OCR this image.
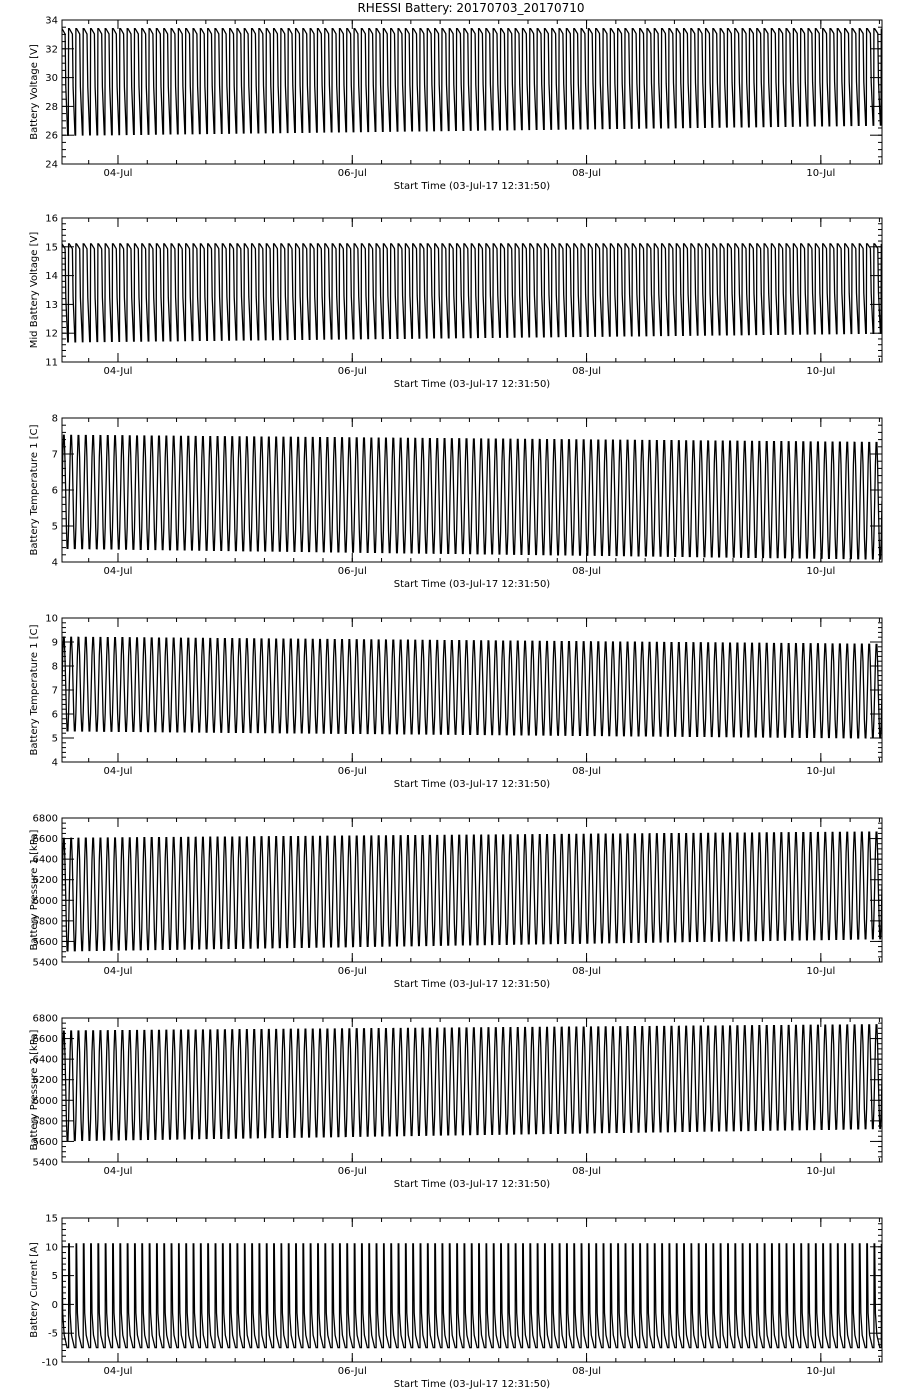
RHESSI Battery: 20170703_20170710
24
26
28
30
32
34
04-Jul	06-Jul	08-Jul	10-Jul
Start Time (03-Jul-17 12:31:50)
Battery Voltage [V]
11
12
13
14
15
16
04-Jul	06-Jul	08-Jul	10-Jul
Start Time (03-Jul-17 12:31:50)
Mid Battery Voltage [V]
4
5
6
7
8
04-Jul	06-Jul	08-Jul	10-Jul
Start Time (03-Jul-17 12:31:50)
Battery Temperature 1 [C]
4
5
6
7
8
9
10
04-Jul	06-Jul	08-Jul	10-Jul
Start Time (03-Jul-17 12:31:50)
Battery Temperature 1 [C]
5400
5600
5800
6000
6200
6400
6600
6800
04-Jul	06-Jul	08-Jul	10-Jul
Start Time (03-Jul-17 12:31:50)
Battery Pressure 1 [kPa]
5400
5600
5800
6000
6200
6400
6600
6800
04-Jul	06-Jul	08-Jul	10-Jul
Start Time (03-Jul-17 12:31:50)
Battery Pressure 2 [kPa]
-10
-5
0
5
10
15
04-Jul	06-Jul	08-Jul	10-Jul
Start Time (03-Jul-17 12:31:50)
Battery Current [A]
